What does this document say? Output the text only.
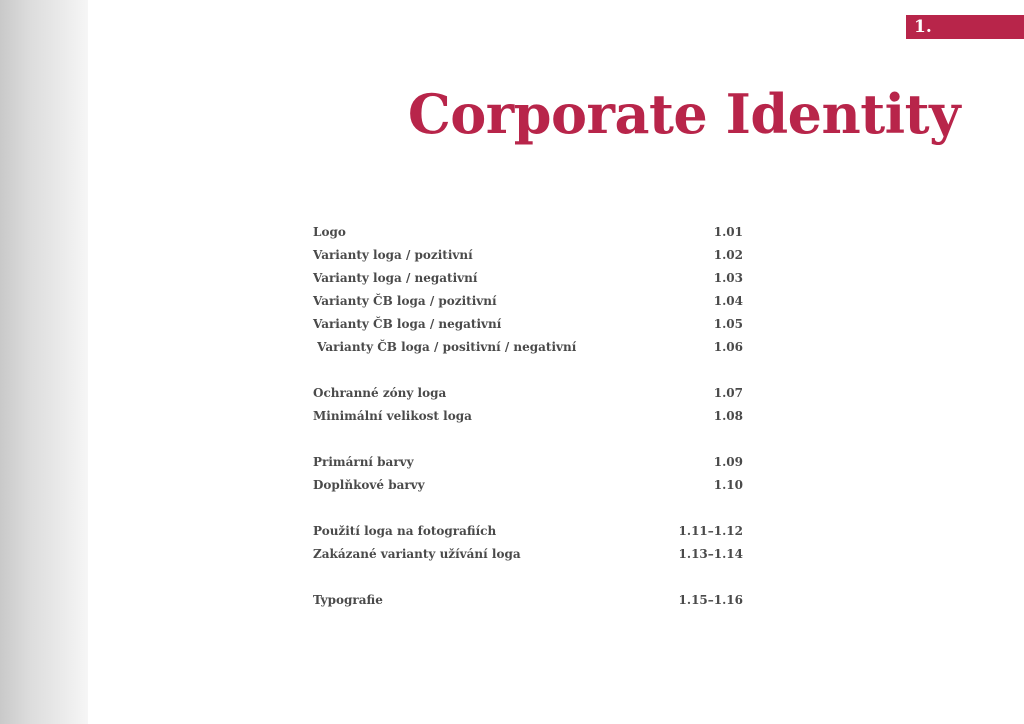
1.
Corporate Identity
Logo	1.01
Varianty loga / pozitivní	1.02
Varianty loga / negativní	1.03
Varianty ČB loga / pozitivní	1.04
Varianty ČB loga / negativní	1.05
Varianty ČB loga / positivní / negativní	1.06
Ochranné zóny loga	1.07
Minimální velikost loga	1.08
Primární barvy	1.09
Doplňkové barvy	1.10
Použití loga na fotografiích	1.11–1.12
Zakázané varianty užívání loga	1.13–1.14
Typografie	1.15–1.16
